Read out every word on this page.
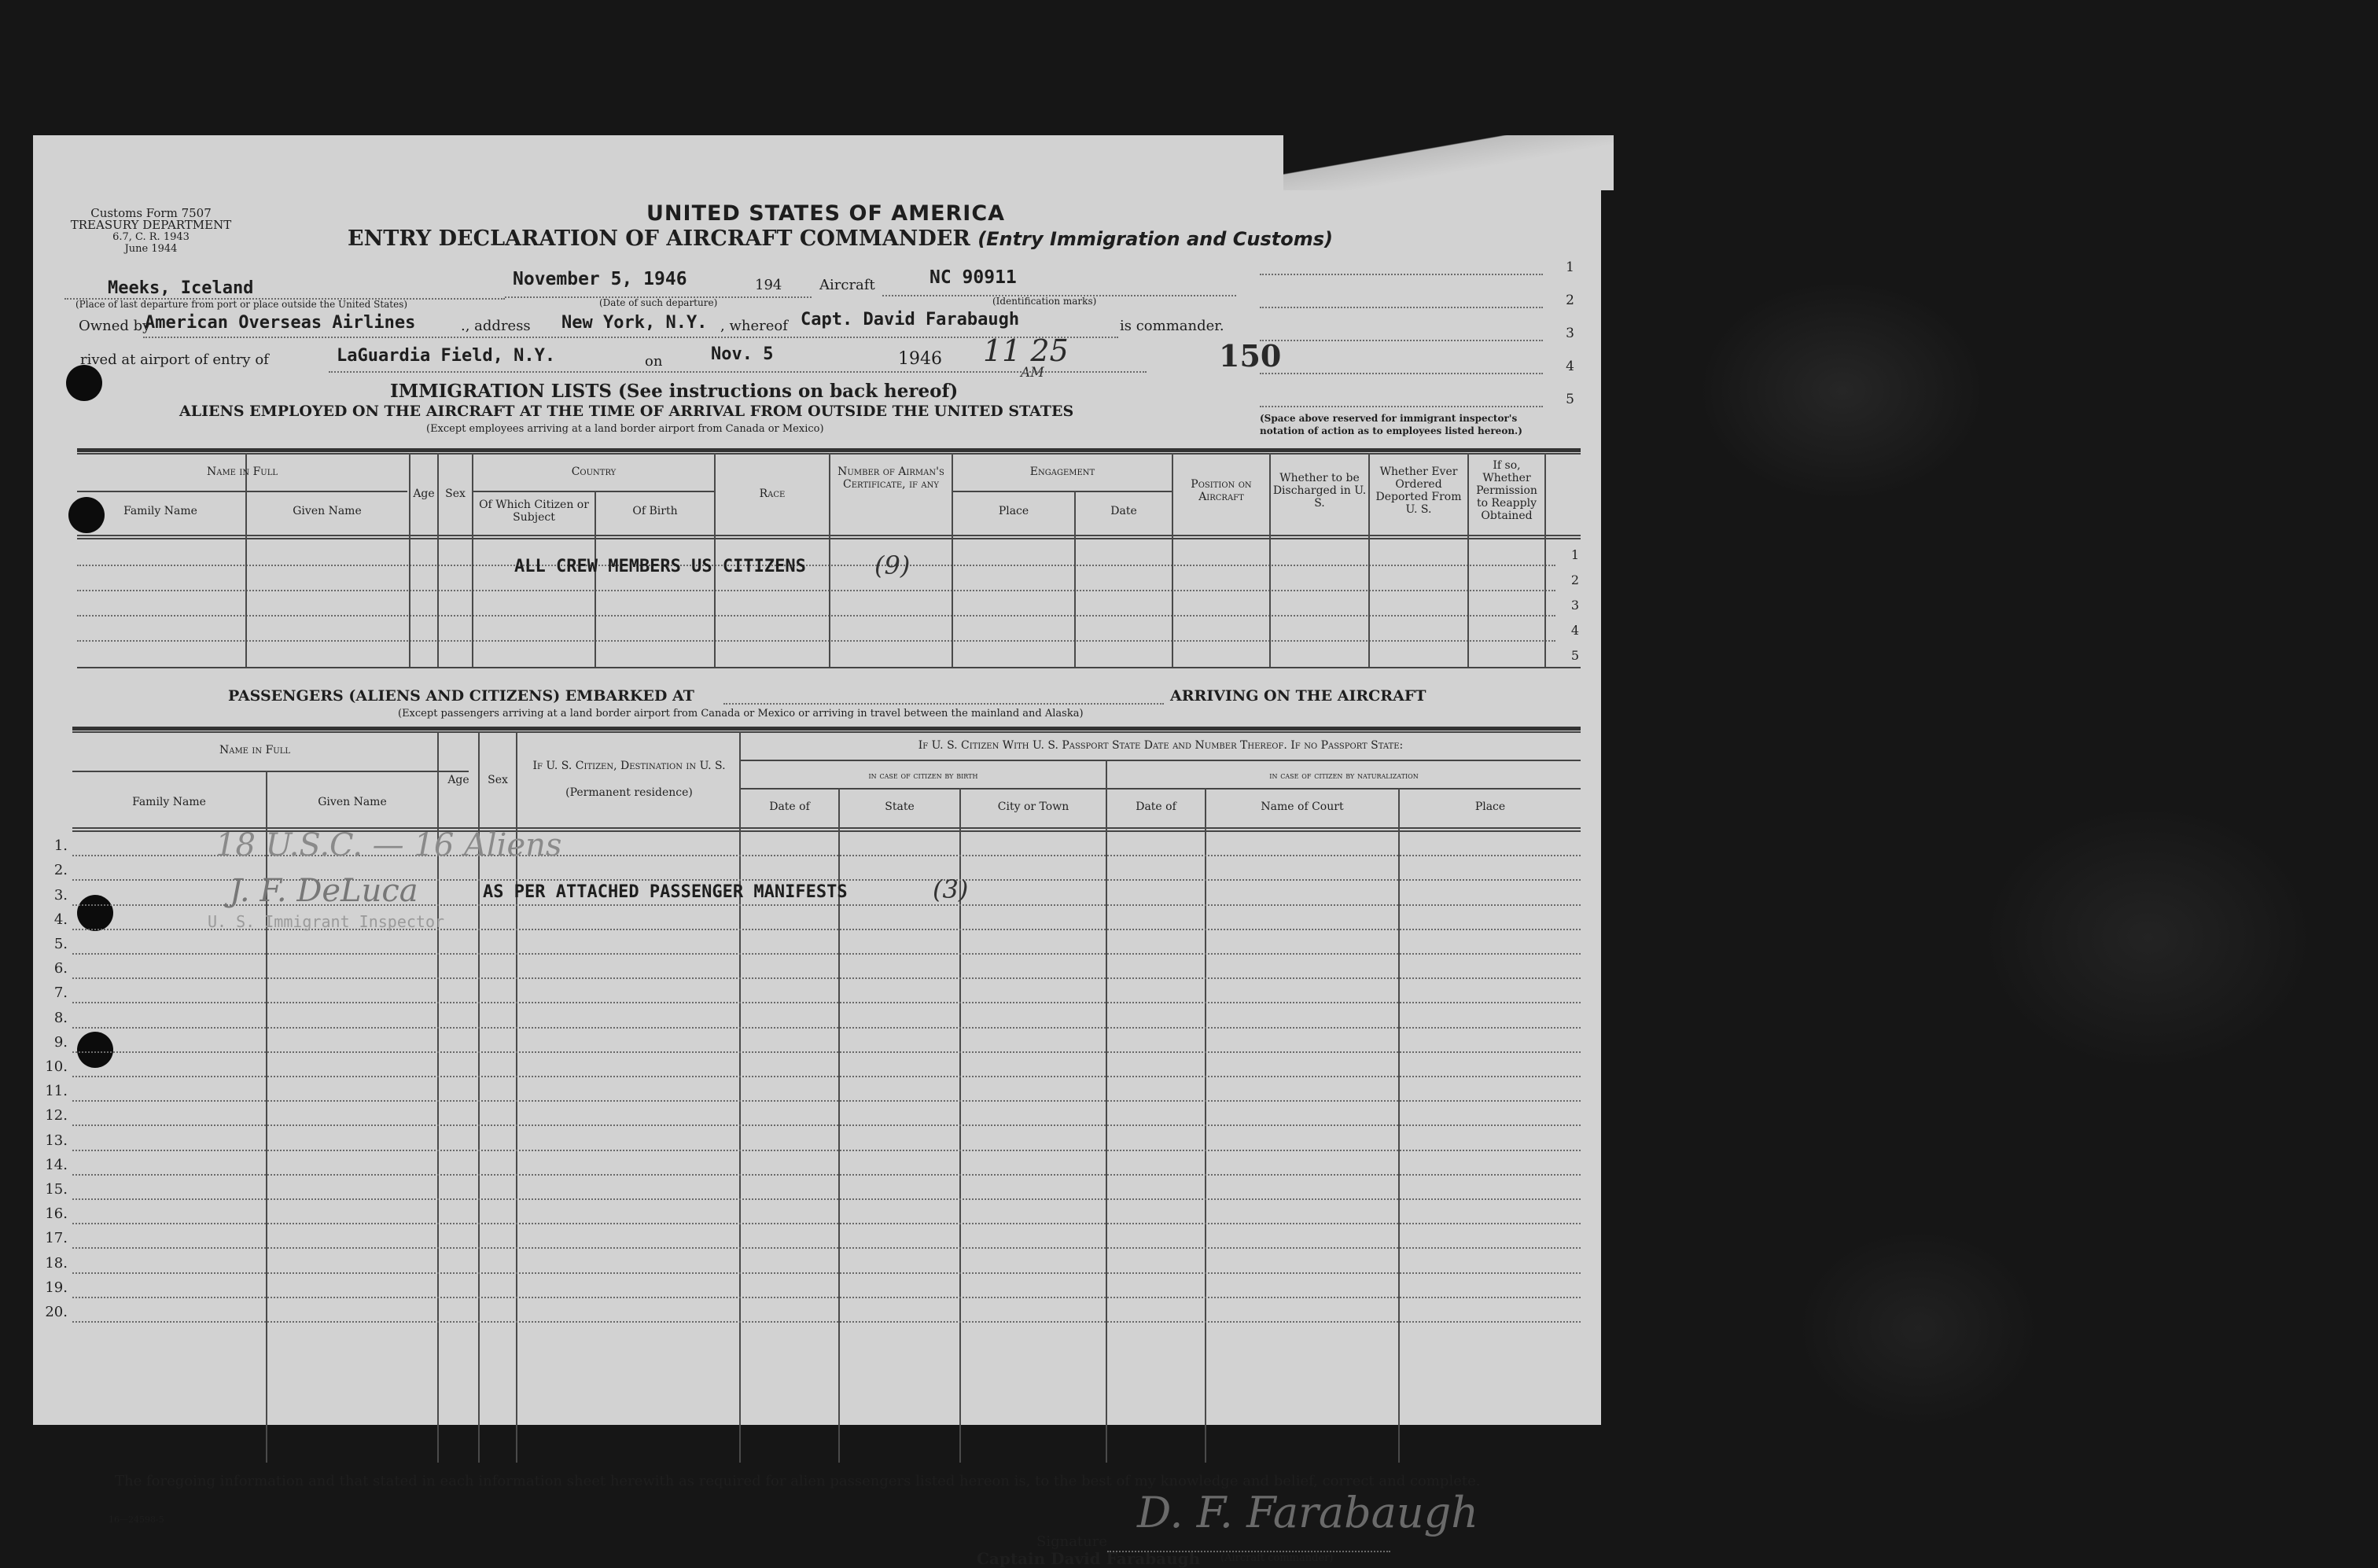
Customs Form 7507
TREASURY DEPARTMENT
6.7, C. R. 1943
June 1944
UNITED STATES OF AMERICA
ENTRY DECLARATION OF AIRCRAFT COMMANDER (Entry Immigration and Customs)
1
2
3
4
5
Meeks, Iceland
(Place of last departure from port or place outside the United States)
November 5, 1946	194
(Date of such departure)
Aircraft	NC 90911
(Identification marks)
Owned by
American Overseas Airlines	., address New York, N.Y. , whereof Capt. David Farabaugh	is commander.
rived at airport of entry of	LaGuardia Field, N.Y.	on	Nov. 5	1946 11 25
AM	150
IMMIGRATION LISTS (See instructions on back hereof)
ALIENS EMPLOYED ON THE AIRCRAFT AT THE TIME OF ARRIVAL FROM OUTSIDE THE UNITED STATES
(Except employees arriving at a land border airport from Canada or Mexico)
(Space above reserved for immigrant inspector's
notation of action as to employees listed hereon.)
Name in Full
Family Name	Given Name
Age Sex
Country
Of Which Citizen or Subject	Of Birth
Race
Number of Airman's Certificate, if any
Engagement
Place	Date
Position on Aircraft
Whether to be Discharged in U. S.
Whether Ever Ordered Deported From U. S.
If so, Whether Permission to Reapply Obtained
ALL CREW MEMBERS US CITIZENS	(9)	1
2
3
4
5
PASSENGERS (ALIENS AND CITIZENS) EMBARKED AT	ARRIVING ON THE AIRCRAFT
(Except passengers arriving at a land border airport from Canada or Mexico or arriving in travel between the mainland and Alaska)
Name in Full
Family Name	Given Name
Age	Sex
If U. S. Citizen, Destination in U. S.
(Permanent residence)
If U. S. Citizen With U. S. Passport State Date and Number Thereof. If no Passport State:
in case of citizen by birth	in case of citizen by naturalization
Date of	State	City or Town	Date of	Name of Court	Place
1.
2.
3.
4.
5.
6.
7.
8.
9.
10.
11.
12.
13.
14.
15.
16.
17.
18.
19.
20.
18 U.S.C. — 16 Aliens
J. F. DeLuca	AS PER ATTACHED PASSENGER MANIFESTS	(3)
U. S. Immigrant Inspector
The foregoing information and that stated in each information sheet herewith as required for alien passengers listed hereon is, to the best of my knowledge and belief, correct and complete.
16—24598-5
Signature
D. F. Farabaugh
Captain David Farabaugh (Aircraft commander)
